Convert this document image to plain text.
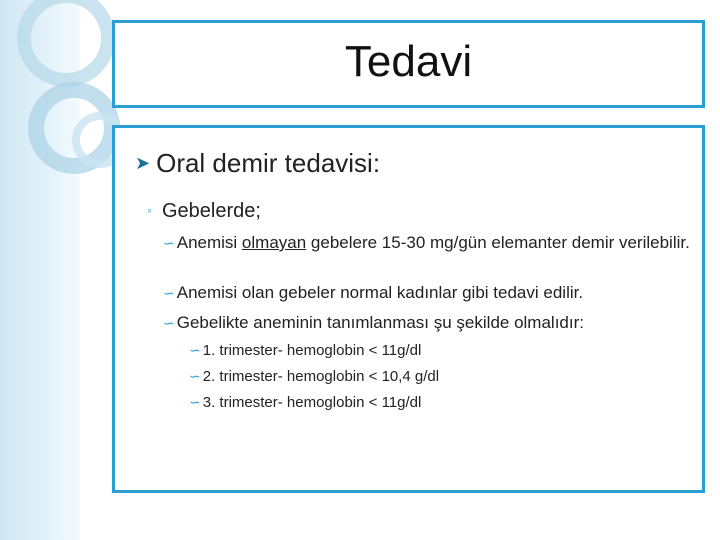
Tedavi
➤ Oral demir tedavisi:
◦ Gebelerde;
∽ Anemisi olmayan gebelere 15-30 mg/gün elemanter demir verilebilir.
∽ Anemisi olan gebeler normal kadınlar gibi tedavi edilir.
∽ Gebelikte aneminin tanımlanması şu şekilde olmalıdır:
∽ 1. trimester- hemoglobin < 11g/dl
∽ 2. trimester- hemoglobin < 10,4 g/dl
∽ 3. trimester- hemoglobin < 11g/dl
